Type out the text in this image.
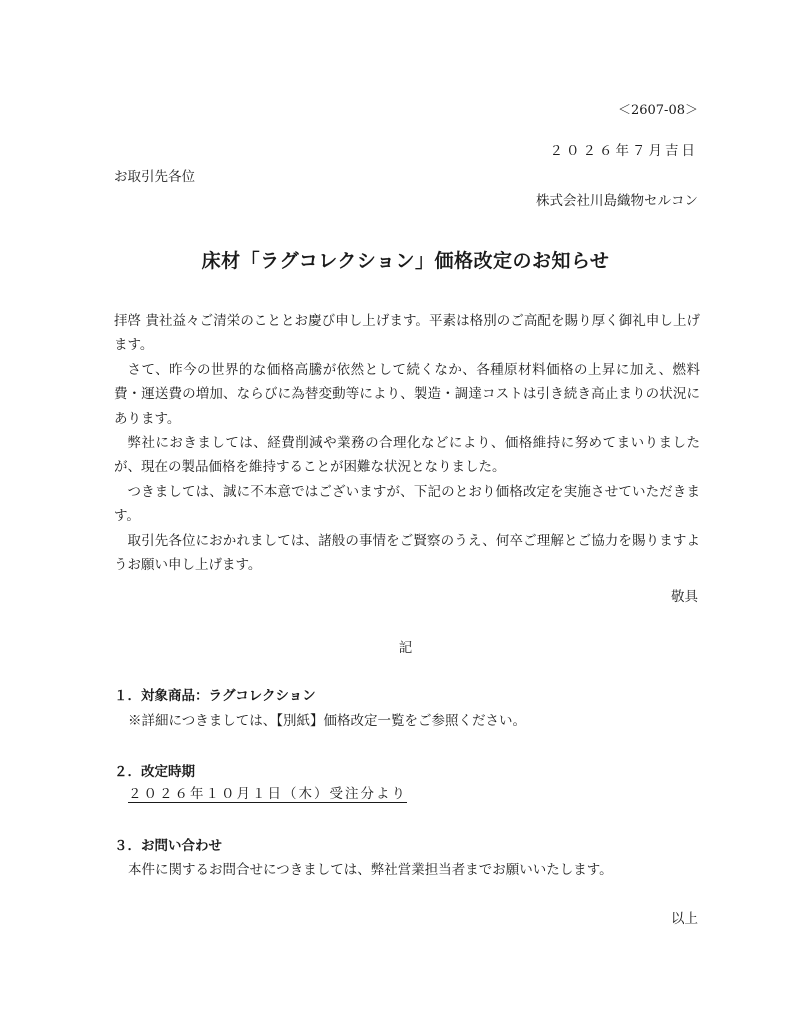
＜2607-08＞
２０２６年７月吉日
お取引先各位
株式会社川島織物セルコン
床材「ラグコレクション」価格改定のお知らせ

拝啓 貴社益々ご清栄のこととお慶び申し上げます。平素は格別のご高配を賜り厚く御礼申し上げます。

さて、昨今の世界的な価格高騰が依然として続くなか、各種原材料価格の上昇に加え、燃料費・運送費の増加、ならびに為替変動等により、製造・調達コストは引き続き高止まりの状況にあります。

弊社におきましては、経費削減や業務の合理化などにより、価格維持に努めてまいりましたが、現在の製品価格を維持することが困難な状況となりました。

つきましては、誠に不本意ではございますが、下記のとおり価格改定を実施させていただきます。

取引先各位におかれましては、諸般の事情をご賢察のうえ、何卒ご理解とご協力を賜りますようお願い申し上げます。

敬具
記
１．対象商品：ラグコレクション
※詳細につきましては、【別紙】価格改定一覧をご参照ください。
２．改定時期
２０２６年１０月１日（木）受注分より
３．お問い合わせ
本件に関するお問合せにつきましては、弊社営業担当者までお願いいたします。
以上
